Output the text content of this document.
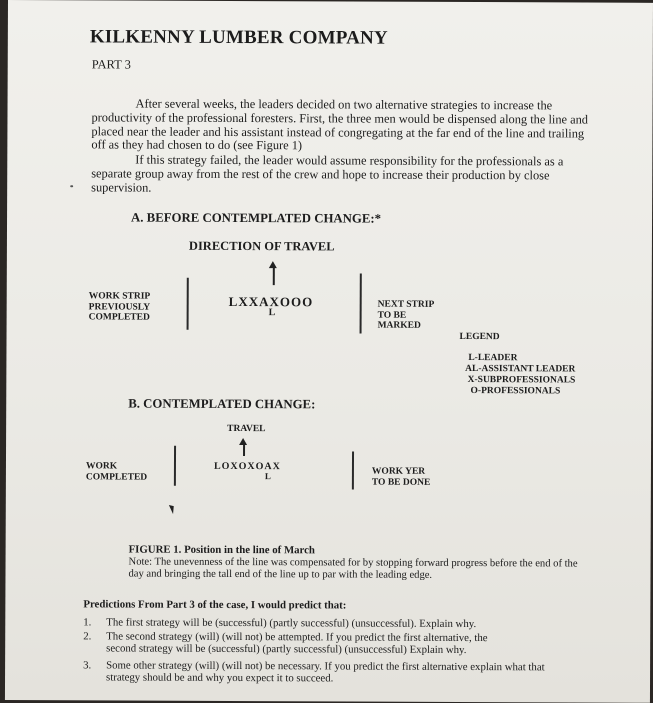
KILKENNY LUMBER COMPANY
PART 3
After several weeks, the leaders decided on two alternative strategies to increase the productivity of the professional foresters. First, the three men would be dispensed along the line and placed near the leader and his assistant instead of congregating at the far end of the line and trailing off as they had chosen to do (see Figure 1)
If this strategy failed, the leader would assume responsibility for the professionals as a separate group away from the rest of the crew and hope to increase their production by close supervision.
A. BEFORE CONTEMPLATED CHANGE:*
DIRECTION OF TRAVEL
WORK STRIP
PREVIOUSLY
COMPLETED
LXXAXOOO
L
NEXT STRIP
TO BE
MARKED
LEGEND
L-LEADER
AL-ASSISTANT LEADER
X-SUBPROFESSIONALS
O-PROFESSIONALS
B. CONTEMPLATED CHANGE:
TRAVEL
WORK
COMPLETED
LOXOXOAX
L	WORK YER
TO BE DONE
FIGURE 1. Position in the line of March
Note: The unevenness of the line was compensated for by stopping forward progress before the end of the day and bringing the tall end of the line up to par with the leading edge.
Predictions From Part 3 of the case, I would predict that:
1.	The first strategy will be (successful) (partly successful) (unsuccessful). Explain why.
2.	The second strategy (will) (will not) be attempted. If you predict the first alternative, the second strategy will be (successful) (partly successful) (unsuccessful) Explain why.
3.	Some other strategy (will) (will not) be necessary. If you predict the first alternative explain what that strategy should be and why you expect it to succeed.
